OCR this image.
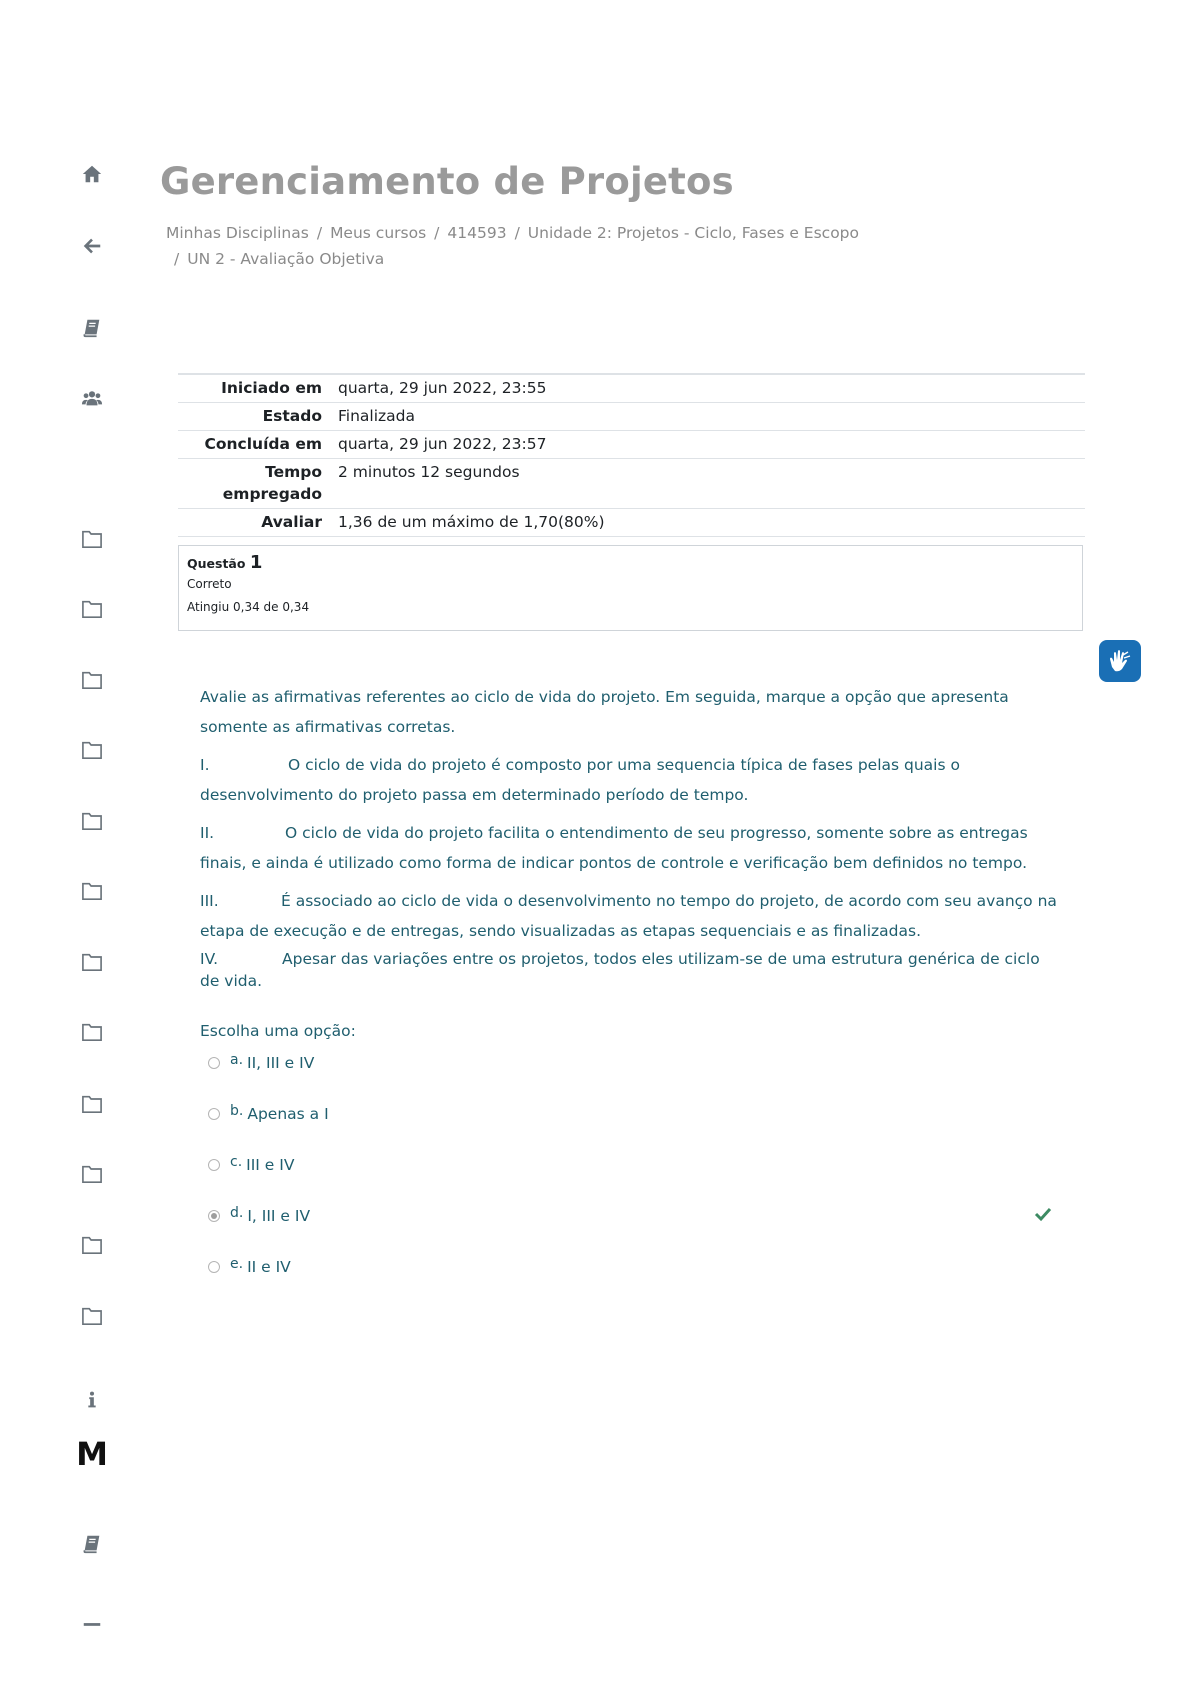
M
Gerenciamento de Projetos
Minhas Disciplinas / Meus cursos / 414593 / Unidade 2: Projetos - Ciclo, Fases e Escopo
/ UN 2 - Avaliação Objetiva
Iniciado em	quarta, 29 jun 2022, 23:55
Estado	Finalizada
Concluída em	quarta, 29 jun 2022, 23:57
Tempo empregado	2 minutos 12 segundos
Avaliar	1,36 de um máximo de 1,70(80%)
Questão 1
Correto
Atingiu 0,34 de 0,34

Avalie as afirmativas referentes ao ciclo de vida do projeto. Em seguida, marque a opção que apresenta somente as afirmativas corretas.

I.	O ciclo de vida do projeto é composto por uma sequencia típica de fases pelas quais o desenvolvimento do projeto passa em determinado período de tempo.

II.	O ciclo de vida do projeto facilita o entendimento de seu progresso, somente sobre as entregas finais, e ainda é utilizado como forma de indicar pontos de controle e verificação bem definidos no tempo.

III.	É associado ao ciclo de vida o desenvolvimento no tempo do projeto, de acordo com seu avanço na etapa de execução e de entregas, sendo visualizadas as etapas sequenciais e as finalizadas.

IV.	Apesar das variações entre os projetos, todos eles utilizam-se de uma estrutura genérica de ciclo de vida.

Escolha uma opção:
a. II, III e IV
b. Apenas a I
c. III e IV
d. I, III e IV
e. II e IV
